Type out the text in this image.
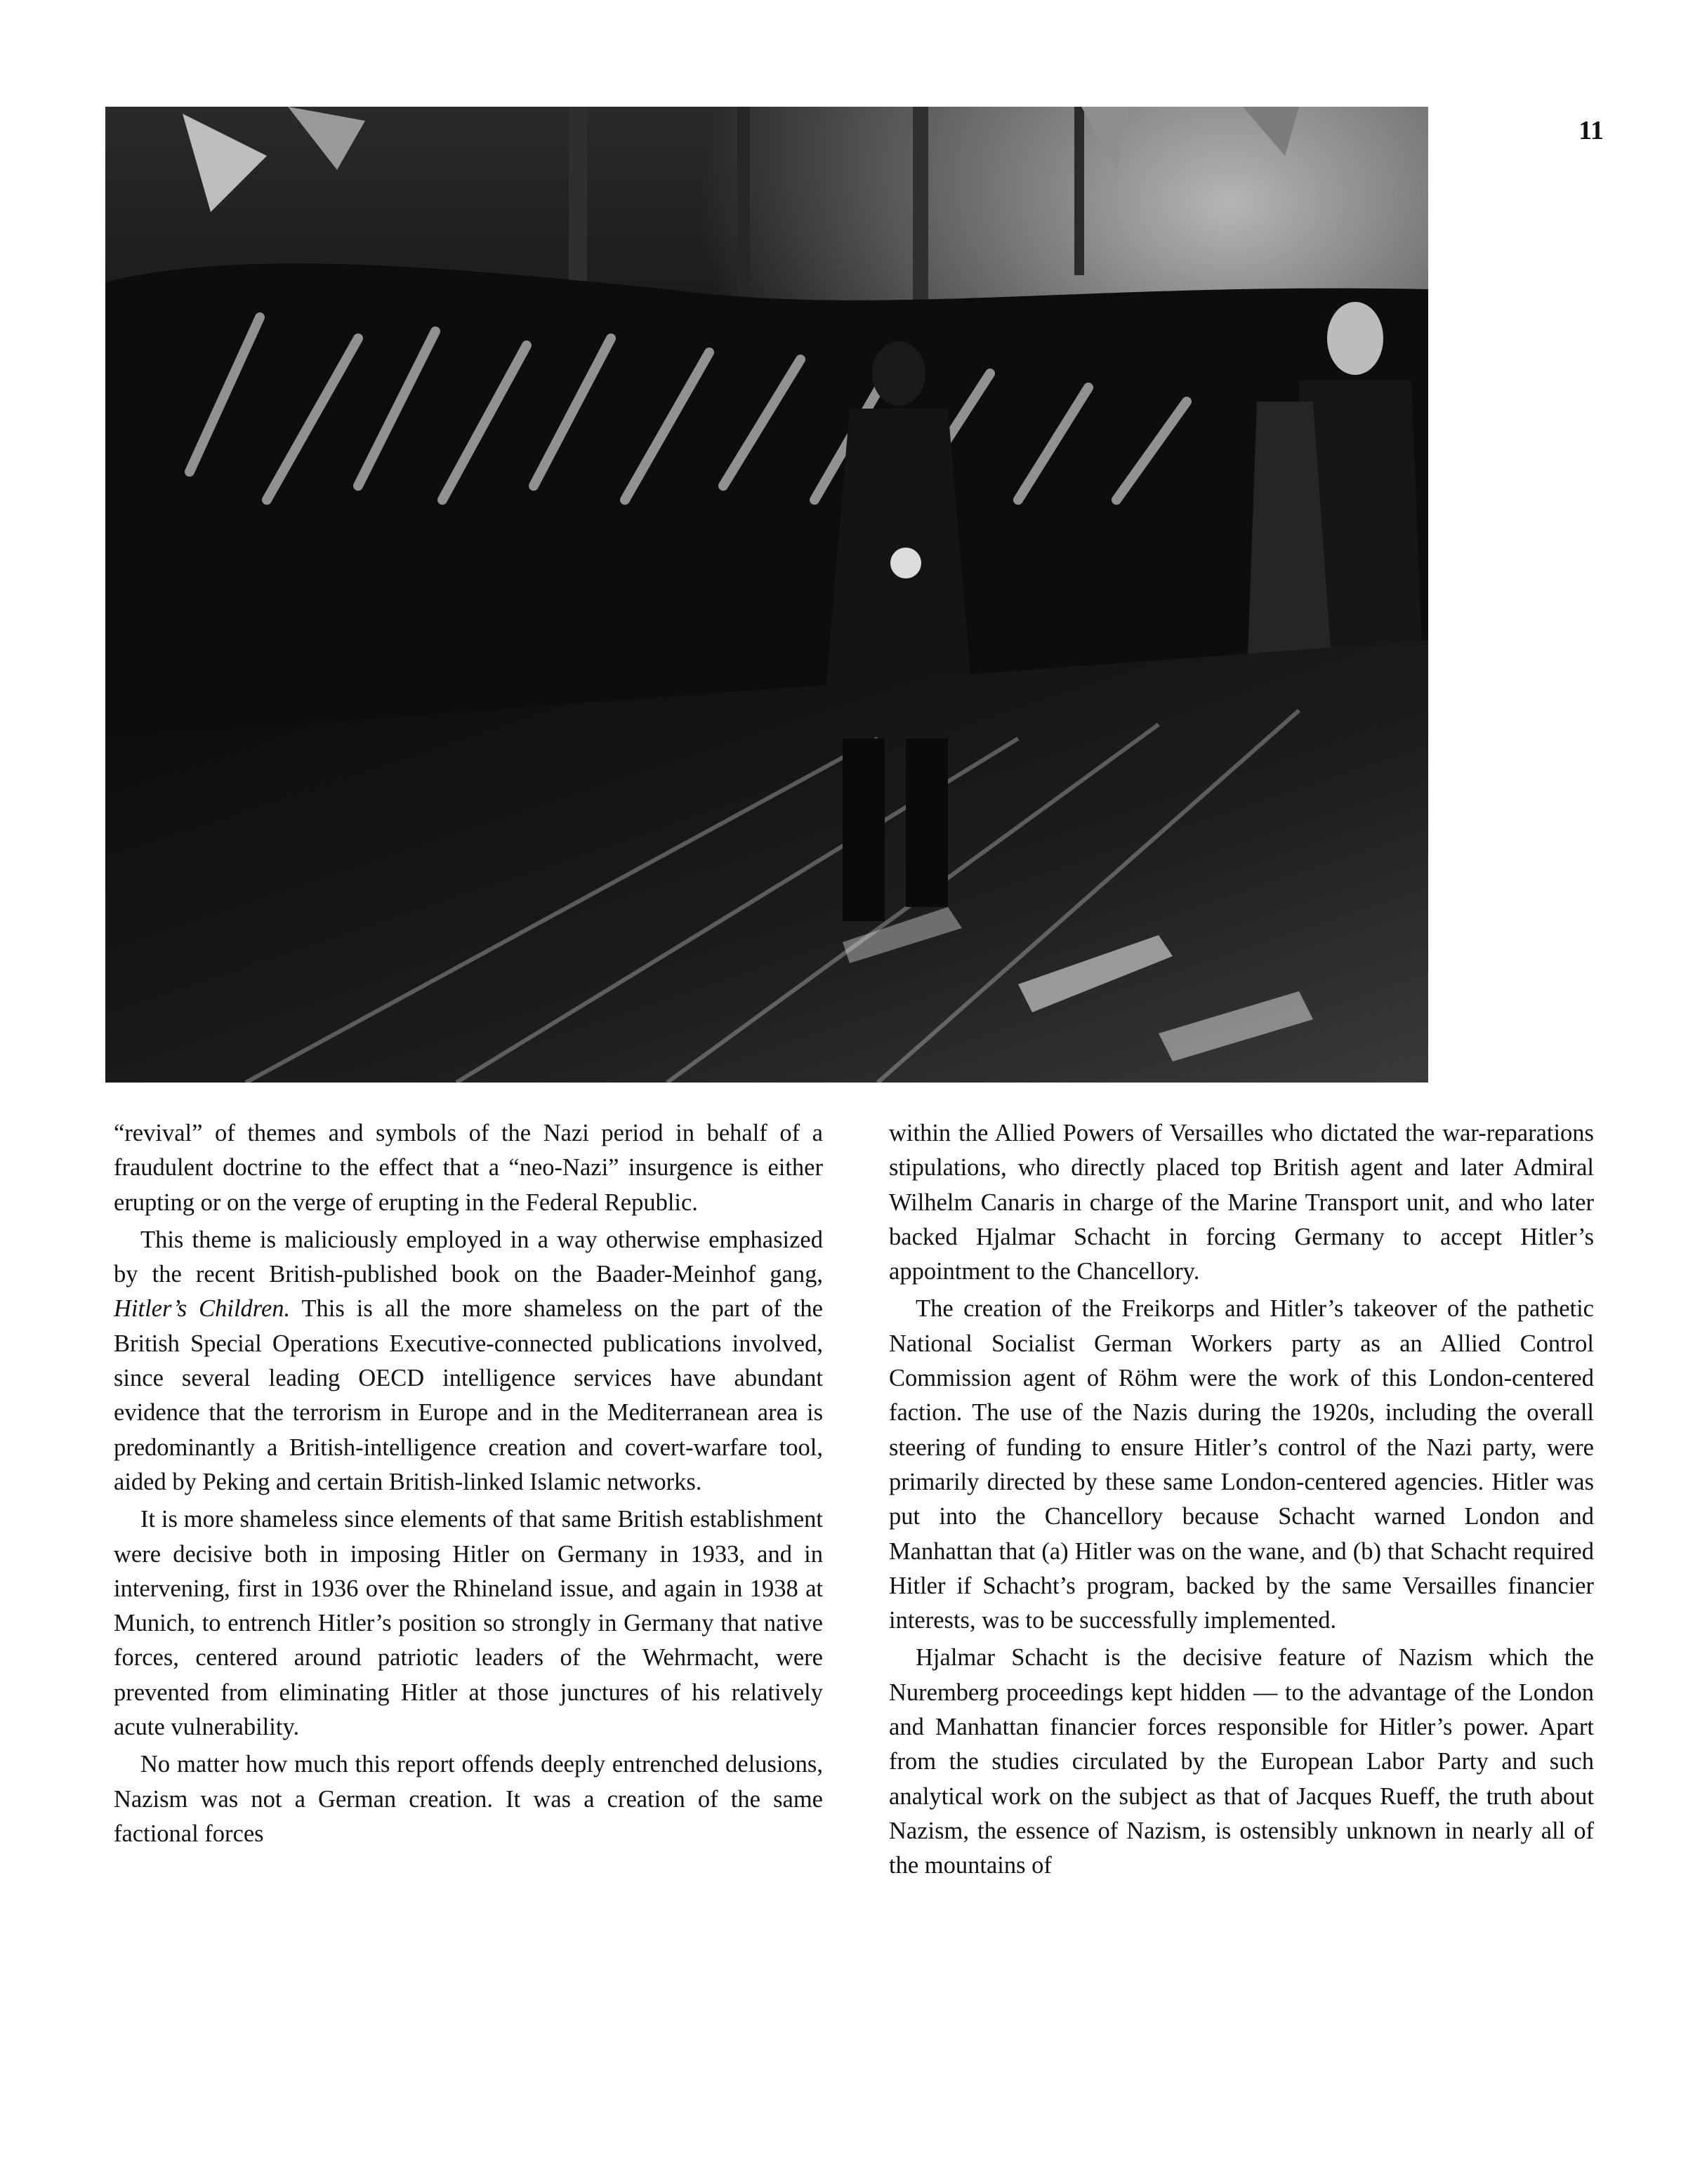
11

“revival” of themes and symbols of the Nazi period in behalf of a fraudulent doctrine to the effect that a “neo-Nazi” insurgence is either erupting or on the verge of erupting in the Federal Republic.

This theme is maliciously employed in a way otherwise emphasized by the recent British-published book on the Baader-Meinhof gang, Hitler’s Children. This is all the more shameless on the part of the British Special Operations Executive-connected publications involved, since several leading OECD intelligence services have abundant evidence that the terrorism in Europe and in the Mediterranean area is predominantly a British-intelligence creation and covert-warfare tool, aided by Peking and certain British-linked Islamic networks.

It is more shameless since elements of that same British establishment were decisive both in imposing Hitler on Germany in 1933, and in intervening, first in 1936 over the Rhineland issue, and again in 1938 at Munich, to entrench Hitler’s position so strongly in Germany that native forces, centered around patriotic leaders of the Wehrmacht, were prevented from eliminating Hitler at those junctures of his relatively acute vulnerability.

No matter how much this report offends deeply entrenched delusions, Nazism was not a German creation. It was a creation of the same factional forces

within the Allied Powers of Versailles who dictated the war-reparations stipulations, who directly placed top British agent and later Admiral Wilhelm Canaris in charge of the Marine Transport unit, and who later backed Hjalmar Schacht in forcing Germany to accept Hitler’s appointment to the Chancellory.

The creation of the Freikorps and Hitler’s takeover of the pathetic National Socialist German Workers party as an Allied Control Commission agent of Röhm were the work of this London-centered faction. The use of the Nazis during the 1920s, including the overall steering of funding to ensure Hitler’s control of the Nazi party, were primarily directed by these same London-centered agencies. Hitler was put into the Chancellory because Schacht warned London and Manhattan that (a) Hitler was on the wane, and (b) that Schacht required Hitler if Schacht’s program, backed by the same Versailles financier interests, was to be successfully implemented.

Hjalmar Schacht is the decisive feature of Nazism which the Nuremberg proceedings kept hidden — to the advantage of the London and Manhattan financier forces responsible for Hitler’s power. Apart from the studies circulated by the European Labor Party and such analytical work on the subject as that of Jacques Rueff, the truth about Nazism, the essence of Nazism, is ostensibly unknown in nearly all of the mountains of
